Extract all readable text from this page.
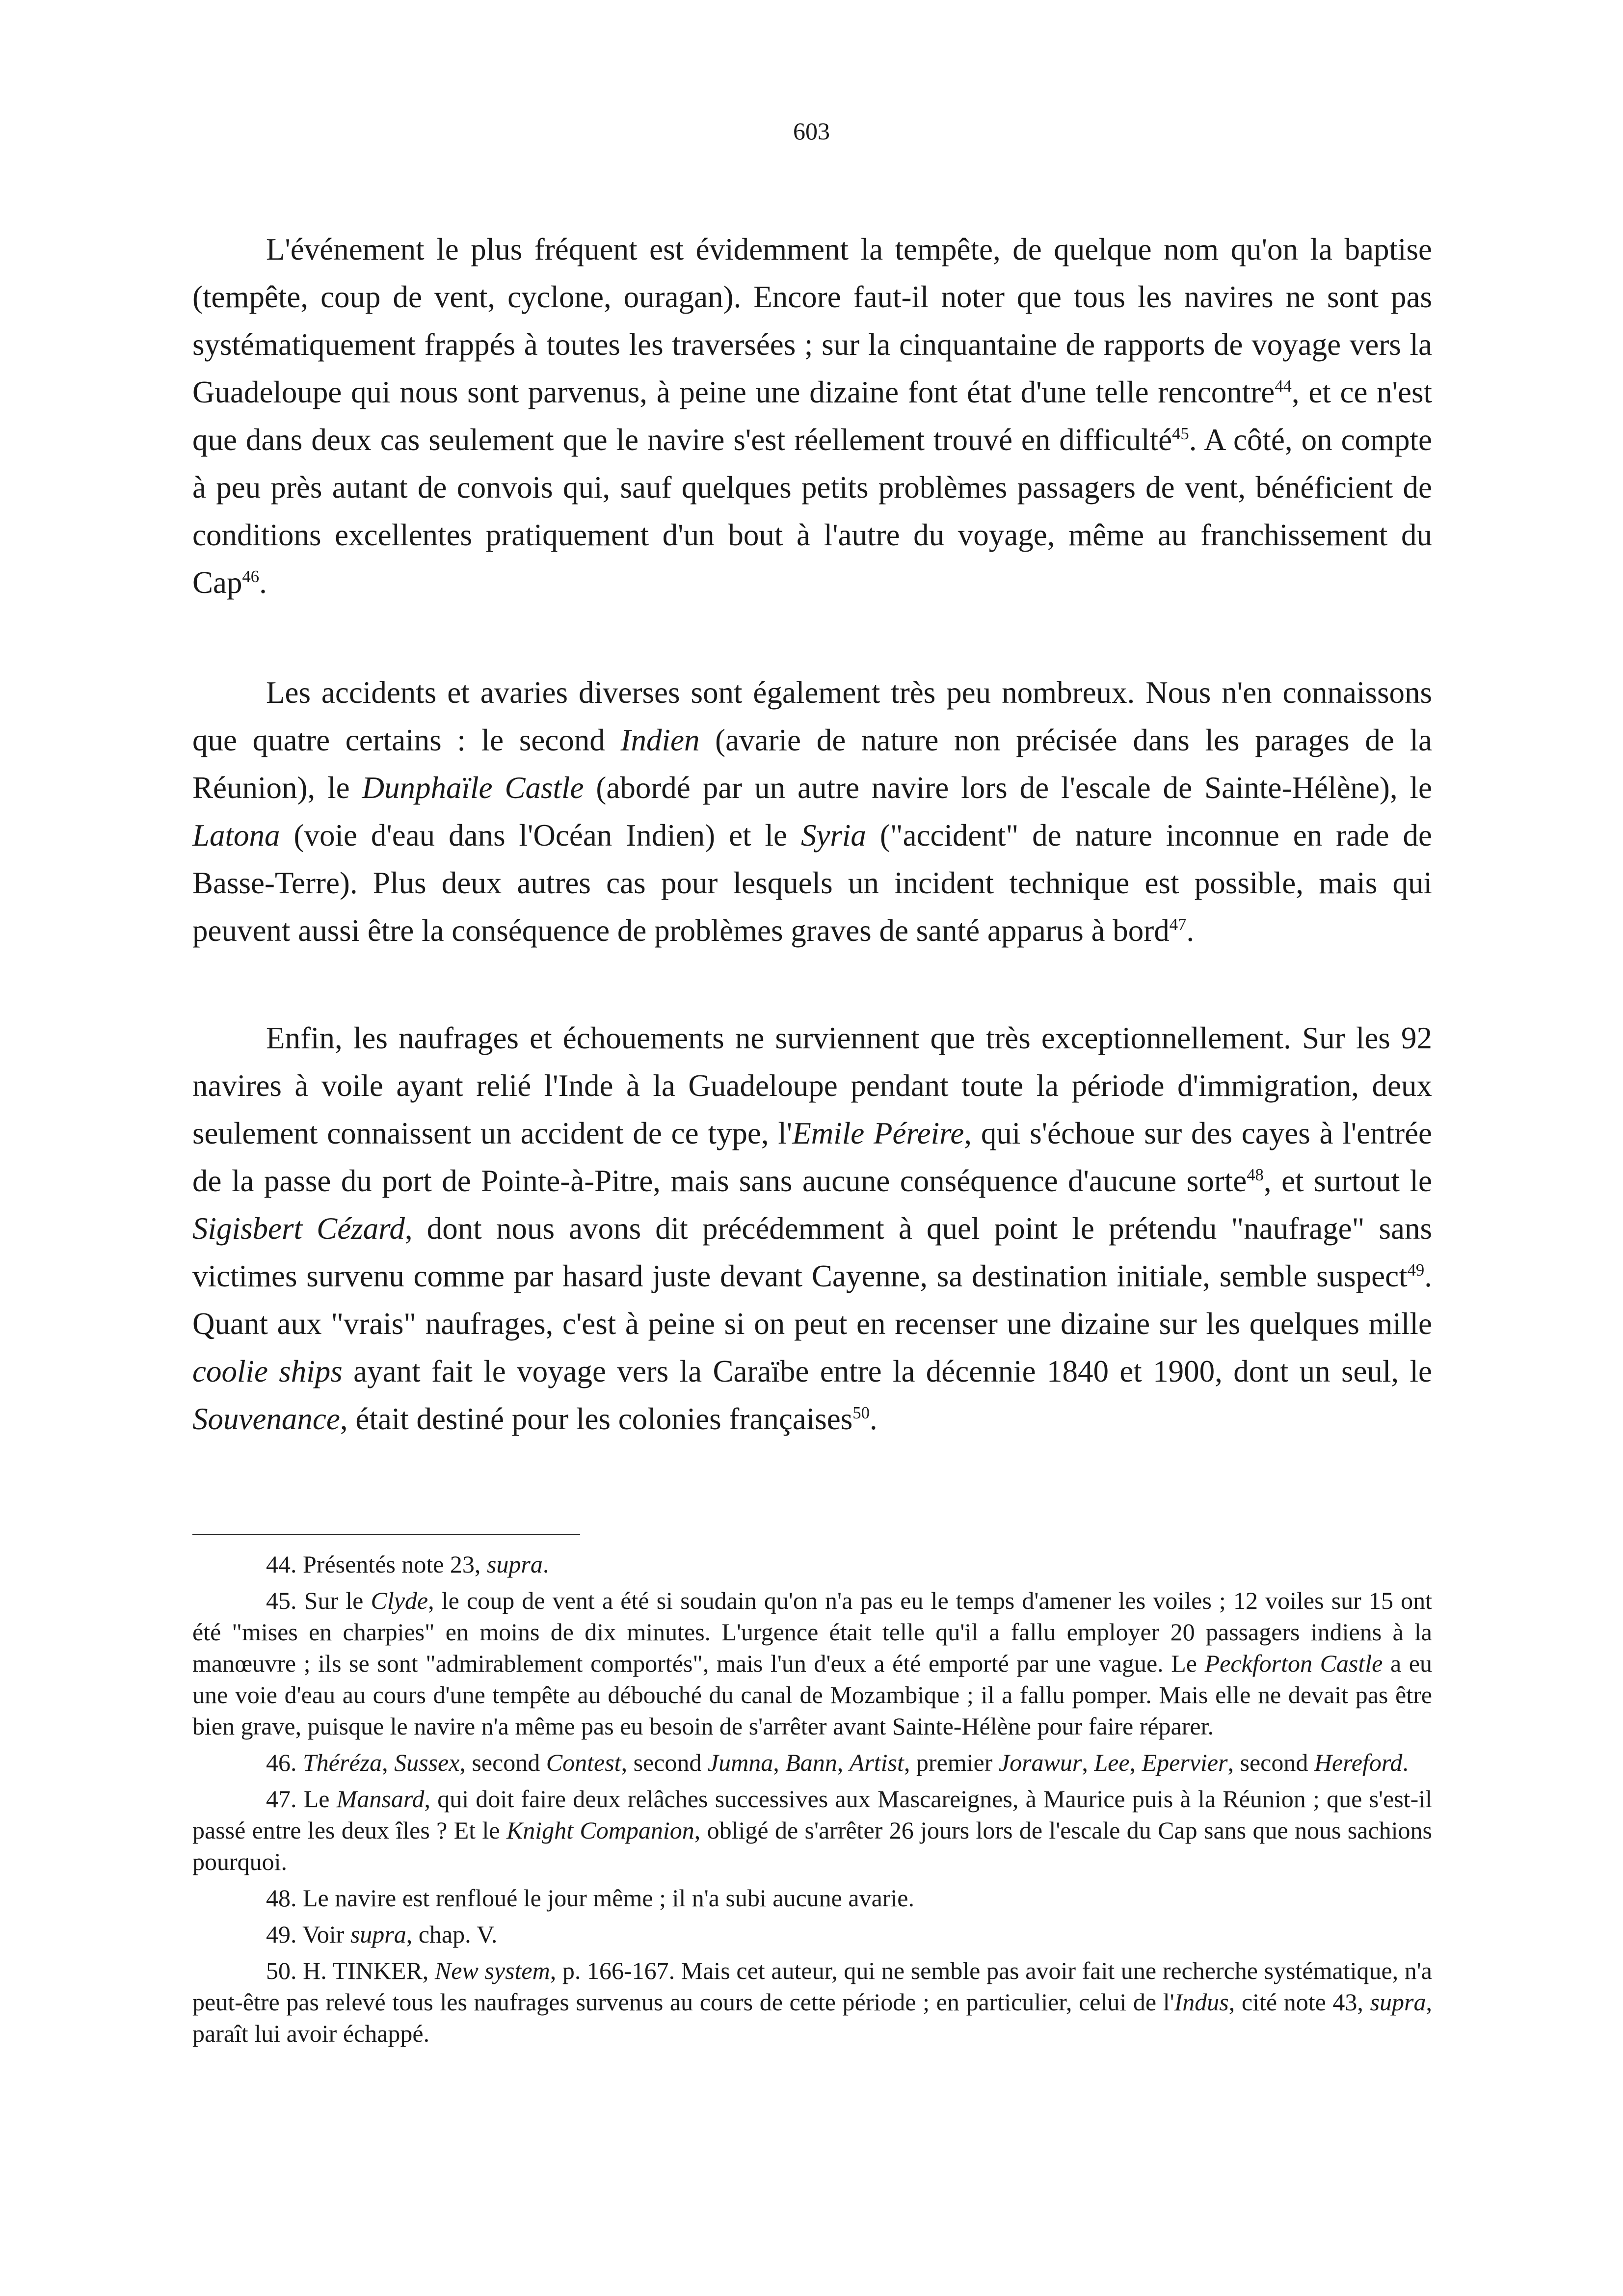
603

L'événement le plus fréquent est évidemment la tempête, de quelque nom qu'on la baptise (tempête, coup de vent, cyclone, ouragan). Encore faut-il noter que tous les navires ne sont pas systématiquement frappés à toutes les traversées ; sur la cinquantaine de rapports de voyage vers la Guadeloupe qui nous sont parvenus, à peine une dizaine font état d'une telle rencontre$^{44}$, et ce n'est que dans deux cas seulement que le navire s'est réellement trouvé en difficulté$^{45}$. A côté, on compte à peu près autant de convois qui, sauf quelques petits problèmes passagers de vent, bénéficient de conditions excellentes pratiquement d'un bout à l'autre du voyage, même au franchissement du Cap$^{46}$.

Les accidents et avaries diverses sont également très peu nombreux. Nous n'en connaissons que quatre certains : le second Indien (avarie de nature non précisée dans les parages de la Réunion), le Dunphaïle Castle (abordé par un autre navire lors de l'escale de Sainte-Hélène), le Latona (voie d'eau dans l'Océan Indien) et le Syria ("accident" de nature inconnue en rade de Basse-Terre). Plus deux autres cas pour lesquels un incident technique est possible, mais qui peuvent aussi être la conséquence de problèmes graves de santé apparus à bord$^{47}$.

Enfin, les naufrages et échouements ne surviennent que très exceptionnellement. Sur les 92 navires à voile ayant relié l'Inde à la Guadeloupe pendant toute la période d'immigration, deux seulement connaissent un accident de ce type, l'Emile Péreire, qui s'échoue sur des cayes à l'entrée de la passe du port de Pointe-à-Pitre, mais sans aucune conséquence d'aucune sorte$^{48}$, et surtout le Sigisbert Cézard, dont nous avons dit précédemment à quel point le prétendu "naufrage" sans victimes survenu comme par hasard juste devant Cayenne, sa destination initiale, semble suspect$^{49}$. Quant aux "vrais" naufrages, c'est à peine si on peut en recenser une dizaine sur les quelques mille coolie ships ayant fait le voyage vers la Caraïbe entre la décennie 1840 et 1900, dont un seul, le Souvenance, était destiné pour les colonies françaises$^{50}$.

44. Présentés note 23, supra.

45. Sur le Clyde, le coup de vent a été si soudain qu'on n'a pas eu le temps d'amener les voiles ; 12 voiles sur 15 ont été "mises en charpies" en moins de dix minutes. L'urgence était telle qu'il a fallu employer 20 passagers indiens à la manœuvre ; ils se sont "admirablement comportés", mais l'un d'eux a été emporté par une vague. Le Peckforton Castle a eu une voie d'eau au cours d'une tempête au débouché du canal de Mozambique ; il a fallu pomper. Mais elle ne devait pas être bien grave, puisque le navire n'a même pas eu besoin de s'arrêter avant Sainte-Hélène pour faire réparer.

46. Théréza, Sussex, second Contest, second Jumna, Bann, Artist, premier Jorawur, Lee, Epervier, second Hereford.

47. Le Mansard, qui doit faire deux relâches successives aux Mascareignes, à Maurice puis à la Réunion ; que s'est-il passé entre les deux îles ? Et le Knight Companion, obligé de s'arrêter 26 jours lors de l'escale du Cap sans que nous sachions pourquoi.

48. Le navire est renfloué le jour même ; il n'a subi aucune avarie.

49. Voir supra, chap. V.

50. H. TINKER, New system, p. 166-167. Mais cet auteur, qui ne semble pas avoir fait une recherche systématique, n'a peut-être pas relevé tous les naufrages survenus au cours de cette période ; en particulier, celui de l'Indus, cité note 43, supra, paraît lui avoir échappé.
